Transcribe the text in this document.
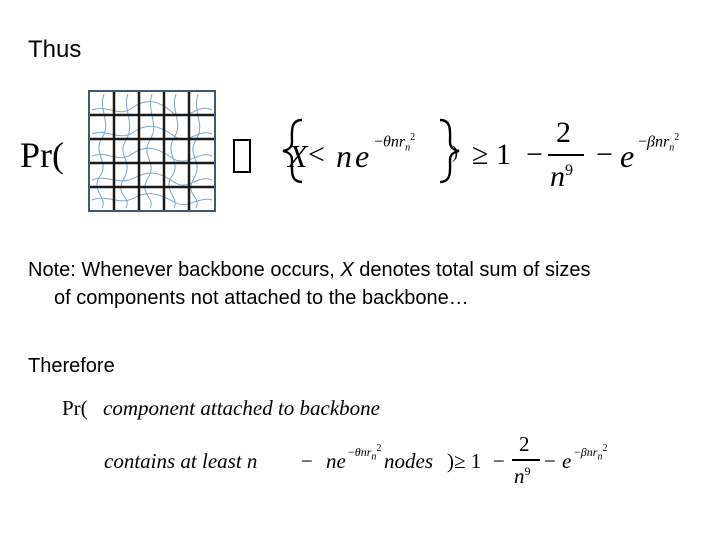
Thus
Pr(	X < n e −θnr$_n^2$
) ≥ 1 −
2
$n^9 - e -\beta nr_n^2$
Note: Whenever backbone occurs, X denotes total sum of sizes
of components not attached to the backbone…
Therefore
Pr( component attached to backbone
contains at least n − ne −θnr$_n^2$
nodes ) ≥ 1 −
2
$n^9 - e -\beta nr_n^2$
